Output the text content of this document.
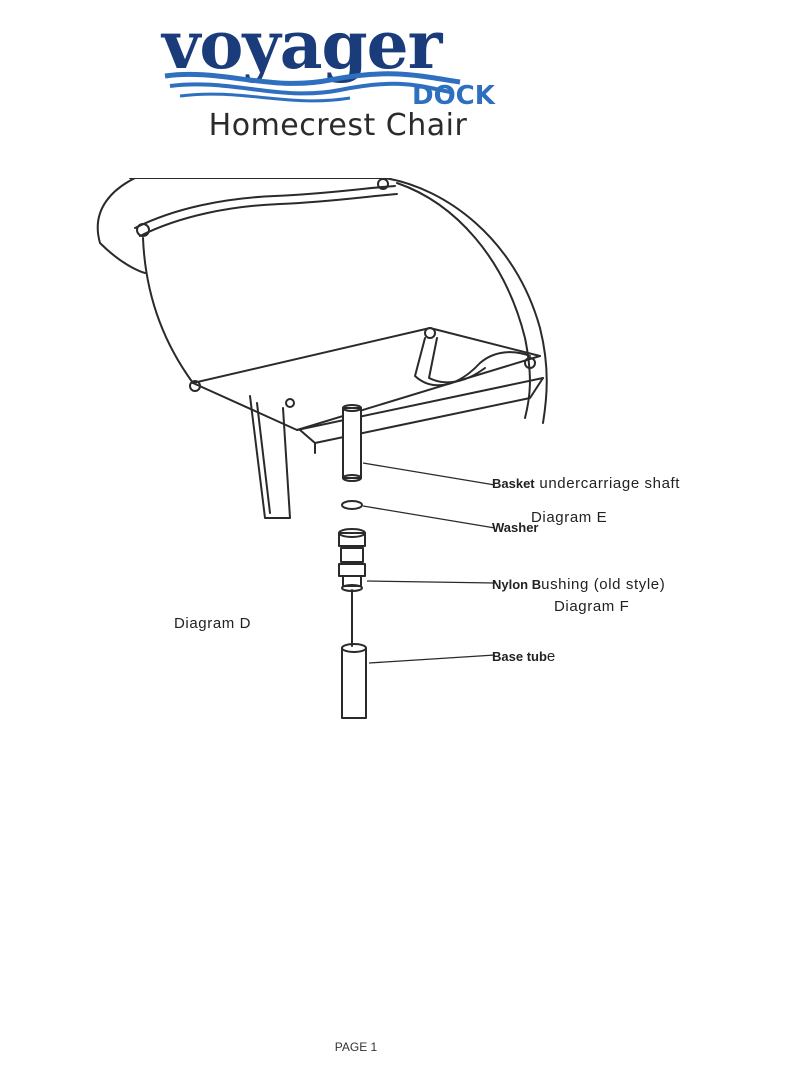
voyager
DOCK
Homecrest Chair
Basket undercarriage shaft
Diagram E
Washer
Nylon Bushing (old style)
Diagram F
Diagram D
Base tube
PAGE 1
